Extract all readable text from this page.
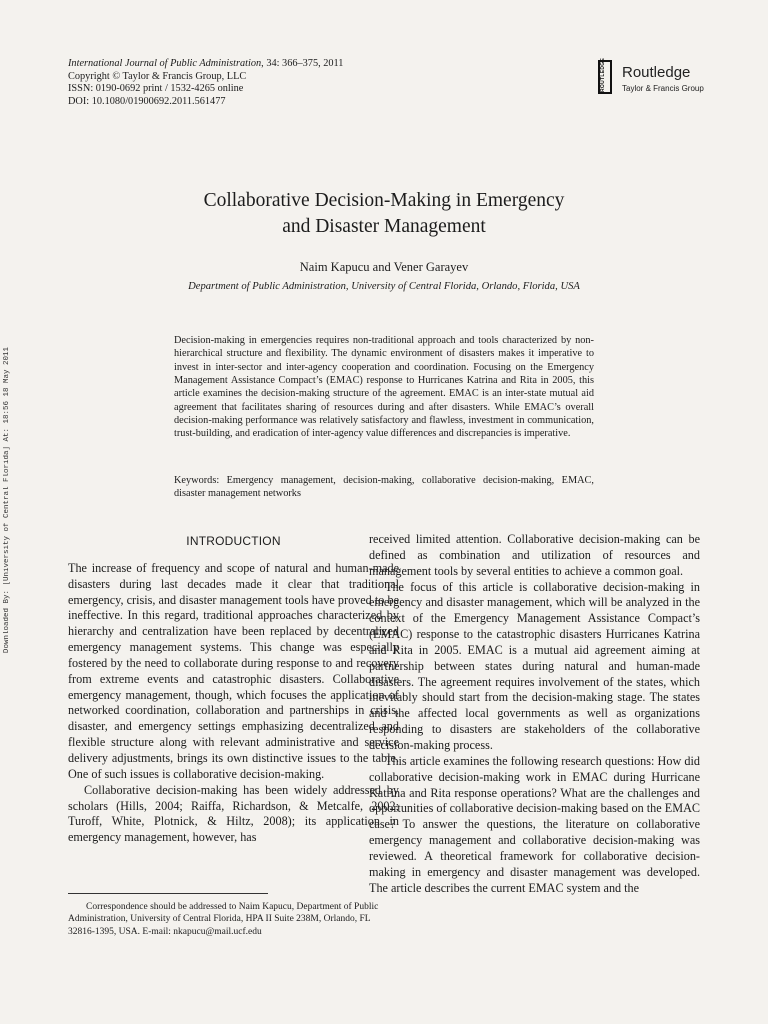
International Journal of Public Administration, 34: 366–375, 2011
Copyright © Taylor & Francis Group, LLC
ISSN: 0190-0692 print / 1532-4265 online
DOI: 10.1080/01900692.2011.561477
ROUTLEDGE Routledge
Taylor & Francis Group
Downloaded By: [University of Central Florida] At: 18:56 18 May 2011
Collaborative Decision-Making in Emergency
and Disaster Management
Naim Kapucu and Vener Garayev
Department of Public Administration, University of Central Florida, Orlando, Florida, USA

Decision-making in emergencies requires non-traditional approach and tools characterized by non-hierarchical structure and flexibility. The dynamic environment of disasters makes it imperative to invest in inter-sector and inter-agency cooperation and coordination. Focusing on the Emergency Management Assistance Compact’s (EMAC) response to Hurricanes Katrina and Rita in 2005, this article examines the decision-making structure of the agreement. EMAC is an inter-state mutual aid agreement that facilitates sharing of resources during and after disasters. While EMAC’s overall decision-making performance was relatively satisfactory and flawless, investment in communication, trust-building, and eradication of inter-agency value differences and discrepancies is imperative.

Keywords: Emergency management, decision-making, collaborative decision-making, EMAC, disaster management networks

INTRODUCTION

The increase of frequency and scope of natural and human-made disasters during last decades made it clear that traditional emergency, crisis, and disaster management tools have proved to be ineffective. In this regard, traditional approaches characterized by hierarchy and centralization have been replaced by decentralized emergency management systems. This change was especially fostered by the need to collaborate during response to and recovery from extreme events and catastrophic disasters. Collaborative emergency management, though, which focuses the application of networked coordination, collaboration and partnerships in crisis, disaster, and emergency settings emphasizing decentralized and flexible structure along with relevant administrative and service delivery adjustments, brings its own distinctive issues to the table. One of such issues is collaborative decision-making.

Collaborative decision-making has been widely addressed by scholars (Hills, 2004; Raiffa, Richardson, & Metcalfe, 2002; Turoff, White, Plotnick, & Hiltz, 2008); its application in emergency management, however, has

received limited attention. Collaborative decision-making can be defined as combination and utilization of resources and management tools by several entities to achieve a common goal.

The focus of this article is collaborative decision-making in emergency and disaster management, which will be analyzed in the context of the Emergency Management Assistance Compact’s (EMAC) response to the catastrophic disasters Hurricanes Katrina and Rita in 2005. EMAC is a mutual aid agreement aiming at partnership between states during natural and human-made disasters. The agreement requires involvement of the states, which inevitably should start from the decision-making stage. The states and the affected local governments as well as organizations responding to disasters are stakeholders of the collaborative decision-making process.

This article examines the following research questions: How did collaborative decision-making work in EMAC during Hurricane Katrina and Rita response operations? What are the challenges and opportunities of collaborative decision-making based on the EMAC case? To answer the questions, the literature on collaborative emergency management and collaborative decision-making was reviewed. A theoretical framework for collaborative decision-making in emergency and disaster management was developed. The article describes the current EMAC system and the

Correspondence should be addressed to Naim Kapucu, Department of Public Administration, University of Central Florida, HPA II Suite 238M, Orlando, FL 32816-1395, USA. E-mail: nkapucu@mail.ucf.edu
